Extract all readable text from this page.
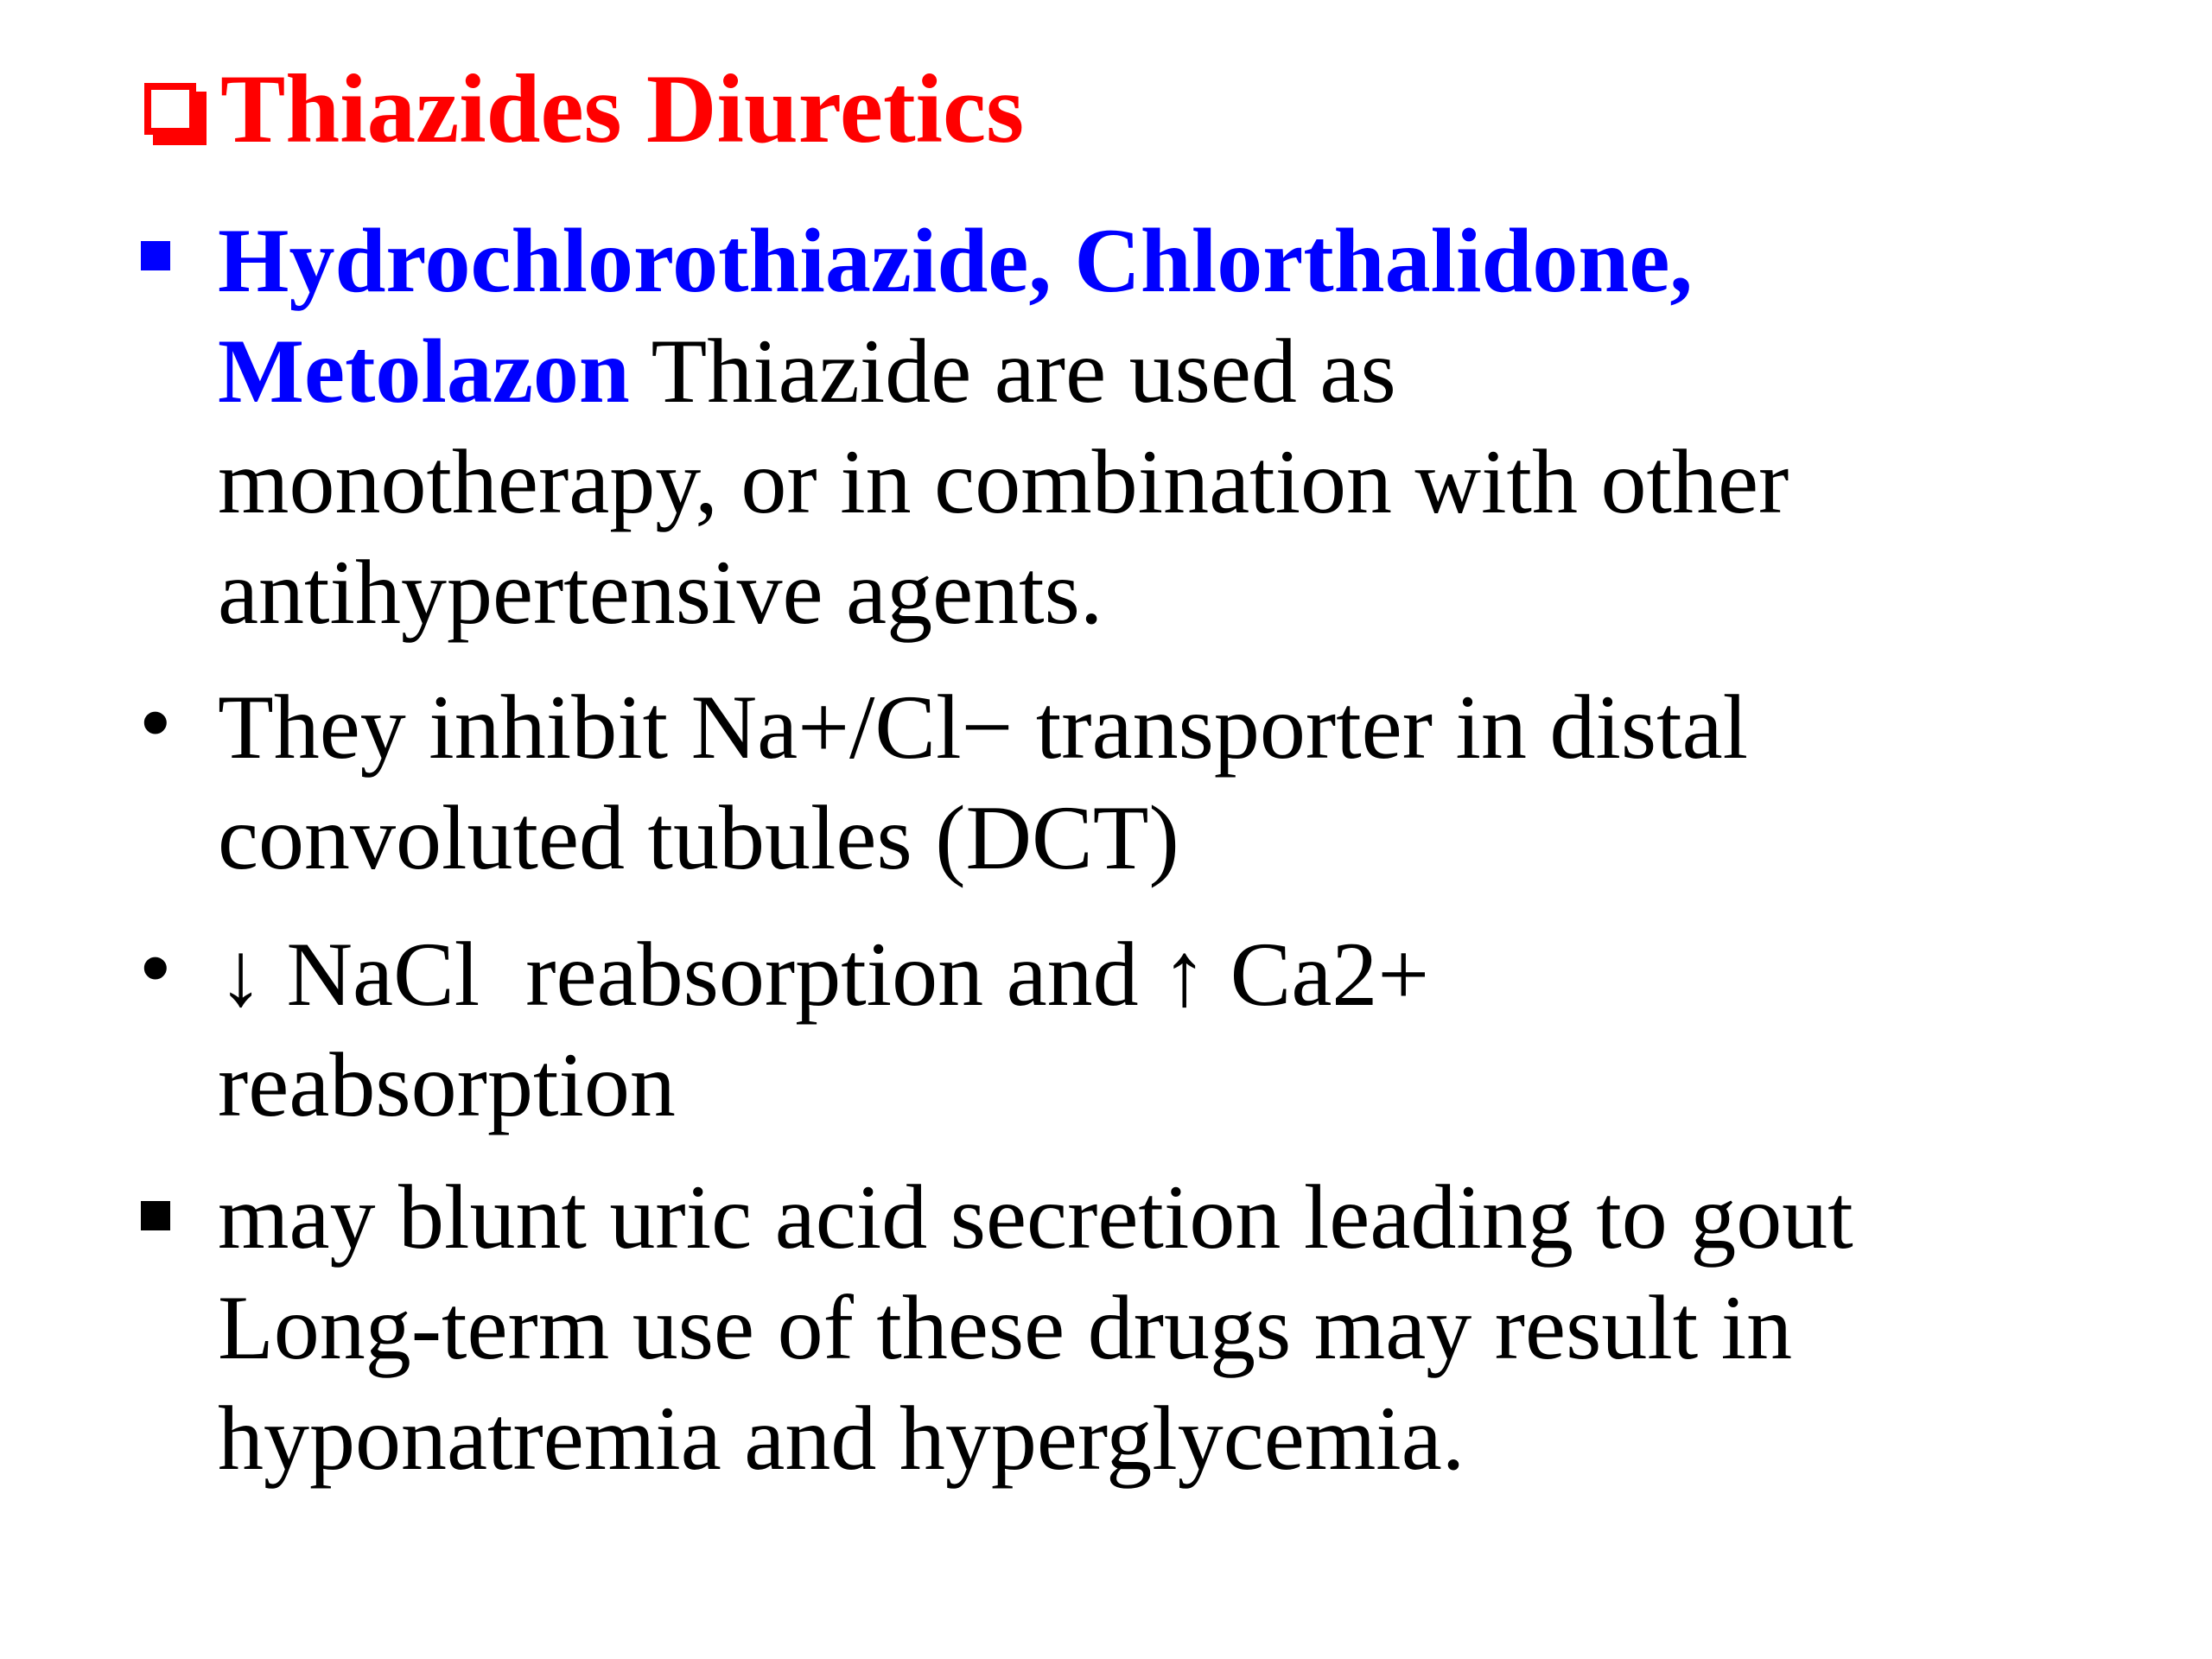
Thiazides Diuretics
Hydrochlorothiazide, Chlorthalidone,
Metolazon Thiazide are used as
monotherapy, or in combination with other
antihypertensive agents.
• They inhibit Na+/Cl− transporter in distal
convoluted tubules (DCT)
• ↓ NaCl  reabsorption and ↑ Ca2+
reabsorption
may blunt uric acid secretion leading to gout
Long-term use of these drugs may result in
hyponatremia and hyperglycemia.
